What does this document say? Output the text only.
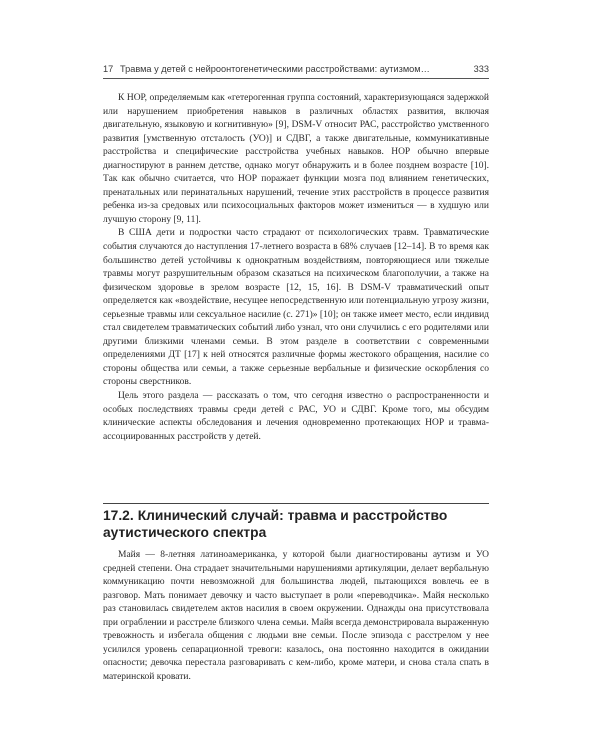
17 Травма у детей с нейроонтогенетическими расстройствами: аутизмом…	333

К НОР, определяемым как «гетерогенная группа состояний, характеризующаяся задержкой или нарушением приобретения навыков в различных областях развития, включая двигательную, языковую и когнитивную» [9], DSM-V относит РАС, расстройство умственного развития [умственную отсталость (УО)] и СДВГ, а также двигательные, коммуникативные расстройства и специфические расстройства учебных навыков. НОР обычно впервые диагностируют в раннем детстве, однако могут обнаружить и в более позднем возрасте [10]. Так как обычно считается, что НОР поражает функции мозга под влиянием генетических, пренатальных или перинатальных нарушений, течение этих расстройств в процессе развития ребенка из-за средовых или психосоциальных факторов может измениться — в худшую или лучшую сторону [9, 11].

В США дети и подростки часто страдают от психологических травм. Травматические события случаются до наступления 17-летнего возраста в 68% случаев [12–14]. В то время как большинство детей устойчивы к однократным воздействиям, повторяющиеся или тяжелые травмы могут разрушительным образом сказаться на психическом благополучии, а также на физическом здоровье в зрелом возрасте [12, 15, 16]. В DSM-V травматический опыт определяется как «воздействие, несущее непосредственную или потенциальную угрозу жизни, серьезные травмы или сексуальное насилие (с. 271)» [10]; он также имеет место, если индивид стал свидетелем травматических событий либо узнал, что они случились с его родителями или другими близкими членами семьи. В этом разделе в соответствии с современными определениями ДТ [17] к ней относятся различные формы жестокого обращения, насилие со стороны общества или семьи, а также серьезные вербальные и физические оскорбления со стороны сверстников.

Цель этого раздела — рассказать о том, что сегодня известно о распространенности и особых последствиях травмы среди детей с РАС, УО и СДВГ. Кроме того, мы обсудим клинические аспекты обследования и лечения одновременно протекающих НОР и травма-ассоциированных расстройств у детей.

17.2. Клинический случай: травма и расстройство аутистического спектра

Майя — 8-летняя латиноамериканка, у которой были диагностированы аутизм и УО средней степени. Она страдает значительными нарушениями артикуляции, делает вербальную коммуникацию почти невозможной для большинства людей, пытающихся вовлечь ее в разговор. Мать понимает девочку и часто выступает в роли «переводчика». Майя несколько раз становилась свидетелем актов насилия в своем окружении. Однажды она присутствовала при ограблении и расстреле близкого члена семьи. Майя всегда демонстрировала выраженную тревожность и избегала общения с людьми вне семьи. После эпизода с расстрелом у нее усилился уровень сепарационной тревоги: казалось, она постоянно находится в ожидании опасности; девочка перестала разговаривать с кем-либо, кроме матери, и снова стала спать в материнской кровати.
